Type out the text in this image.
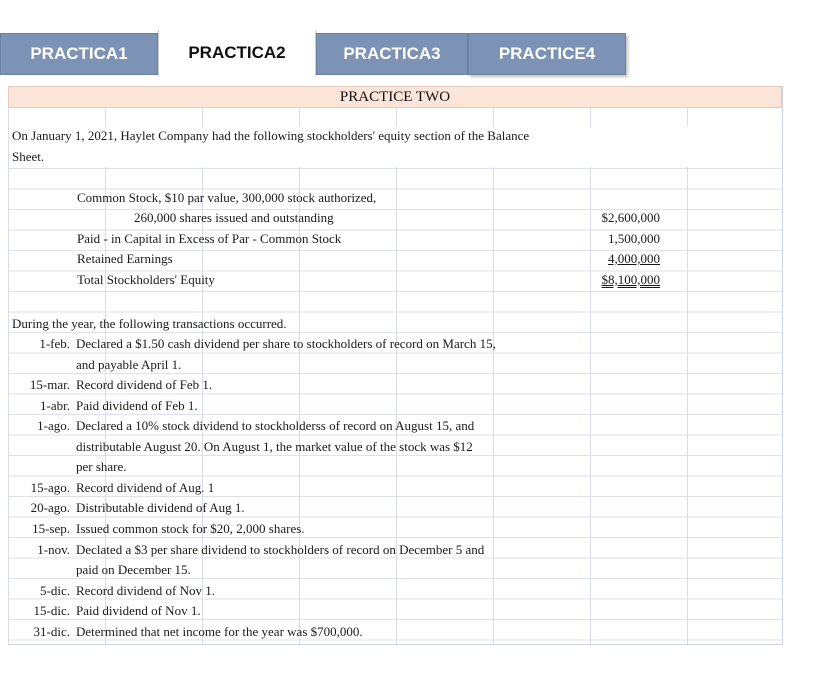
PRACTICA1	PRACTICA2	PRACTICA3	PRACTICE4
PRACTICE TWO
On January 1, 2021, Haylet Company had the following stockholders' equity section of the Balance
Sheet.
Common Stock, $10 par value, 300,000 stock authorized,
260,000 shares issued and outstanding	$2,600,000
Paid - in Capital in Excess of Par - Common Stock	1,500,000
Retained Earnings	4,000,000
Total Stockholders' Equity	$8,100,000
During the year, the following transactions occurred.
1-feb. Declared a $1.50 cash dividend per share to stockholders of record on March 15,
and payable April 1.
15-mar. Record dividend of Feb 1.
1-abr. Paid dividend of Feb 1.
1-ago. Declared a 10% stock dividend to stockholderss of record on August 15, and
distributable August 20. On August 1, the market value of the stock was $12
per share.
15-ago. Record dividend of Aug. 1
20-ago. Distributable dividend of Aug 1.
15-sep. Issued common stock for $20, 2,000 shares.
1-nov. Declated a $3 per share dividend to stockholders of record on December 5 and
paid on December 15.
5-dic. Record dividend of Nov 1.
15-dic. Paid dividend of Nov 1.
31-dic. Determined that net income for the year was $700,000.
